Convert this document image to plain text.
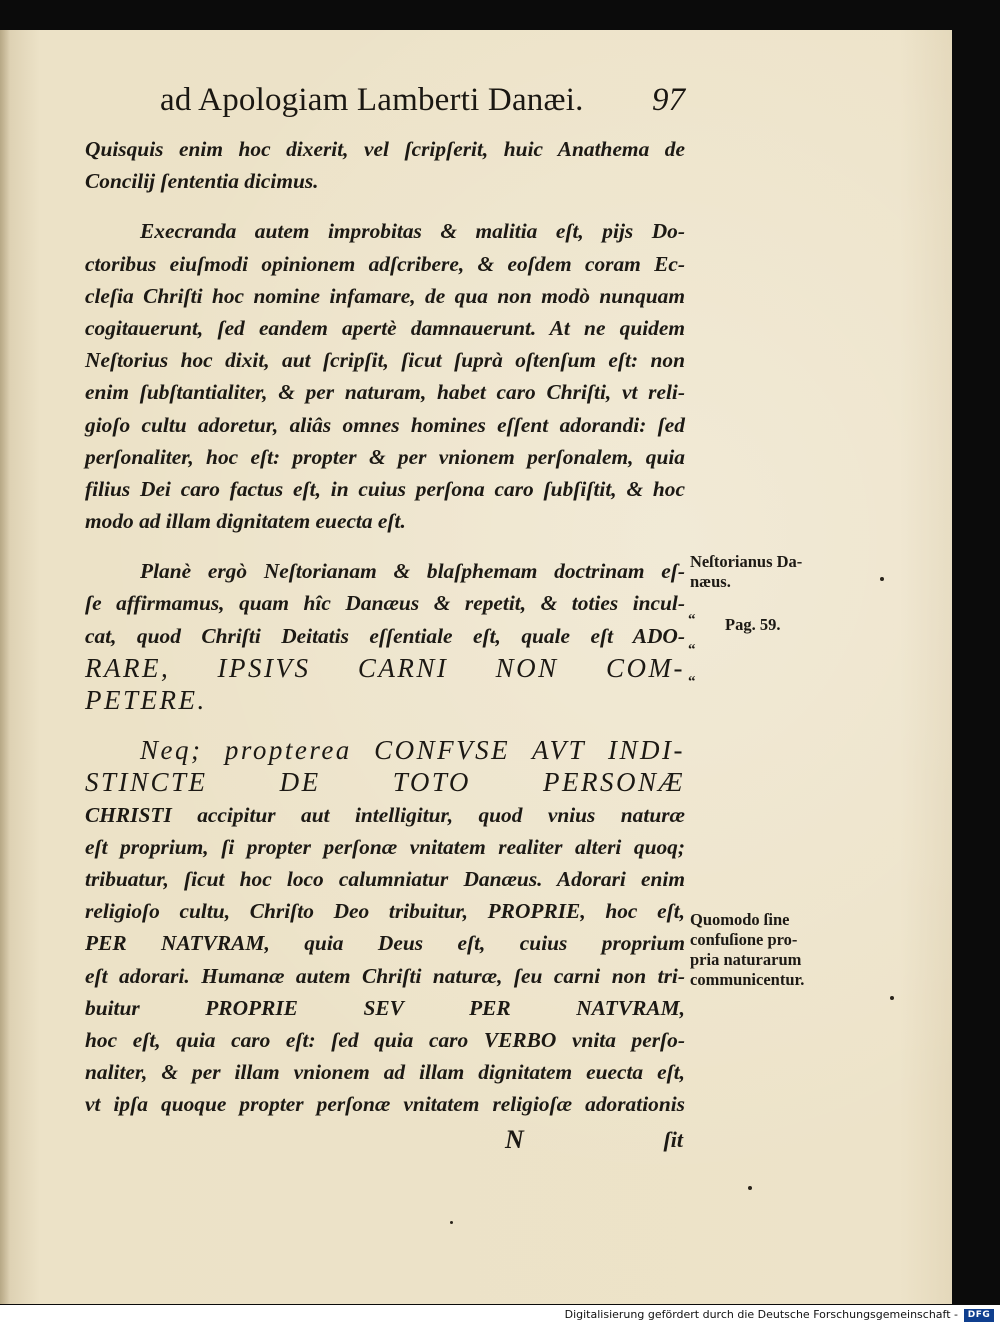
ad Apologiam Lamberti Danæi. 97
Quisquis enim hoc dixerit, vel ſcripſerit, huic Anathema de
Concilij ſententia dicimus.
Execranda autem improbitas & malitia eſt, pijs Do-
ctoribus eiuſmodi opinionem adſcribere, & eoſdem coram Ec-
cleſia Chriſti hoc nomine infamare, de qua non modò nunquam
cogitauerunt, ſed eandem apertè damnauerunt. At ne quidem
Neſtorius hoc dixit, aut ſcripſit, ſicut ſuprà oſtenſum eſt: non
enim ſubſtantialiter, & per naturam, habet caro Chriſti, vt reli-
gioſo cultu adoretur, aliâs omnes homines eſſent adorandi: ſed
perſonaliter, hoc eſt: propter & per vnionem perſonalem, quia
filius Dei caro factus eſt, in cuius perſona caro ſubſiſtit, & hoc
modo ad illam dignitatem euecta eſt.
Planè ergò Neſtorianam & blaſphemam doctrinam eſ-
ſe affirmamus, quam hîc Danæus & repetit, & toties incul-
cat, quod Chriſti Deitatis eſſentiale eſt, quale eſt ADO-
RARE, IPSIVS CARNI NON COM-
PETERE.
Neq; propterea CONFVSE AVT INDI-
STINCTE DE TOTO PERSONÆ
CHRISTI accipitur aut intelligitur, quod vnius naturæ
eſt proprium, ſi propter perſonæ vnitatem realiter alteri quoq;
tribuatur, ſicut hoc loco calumniatur Danæus. Adorari enim
religioſo cultu, Chriſto Deo tribuitur, PROPRIE, hoc eſt,
PER NATVRAM, quia Deus eſt, cuius proprium
eſt adorari. Humanæ autem Chriſti naturæ, ſeu carni non tri-
buitur PROPRIE SEV PER NATVRAM,
hoc eſt, quia caro eſt: ſed quia caro VERBO vnita perſo-
naliter, & per illam vnionem ad illam dignitatem euecta eſt,
vt ipſa quoque propter perſonæ vnitatem religioſæ adorationis
N	ſit
Neſtorianus Da-
næus.
Pag. 59.
Quomodo ſine
confuſione pro-
pria naturarum
communicentur.
“
“
“
Digitalisierung gefördert durch die Deutsche Forschungsgemeinschaft -	DFG
